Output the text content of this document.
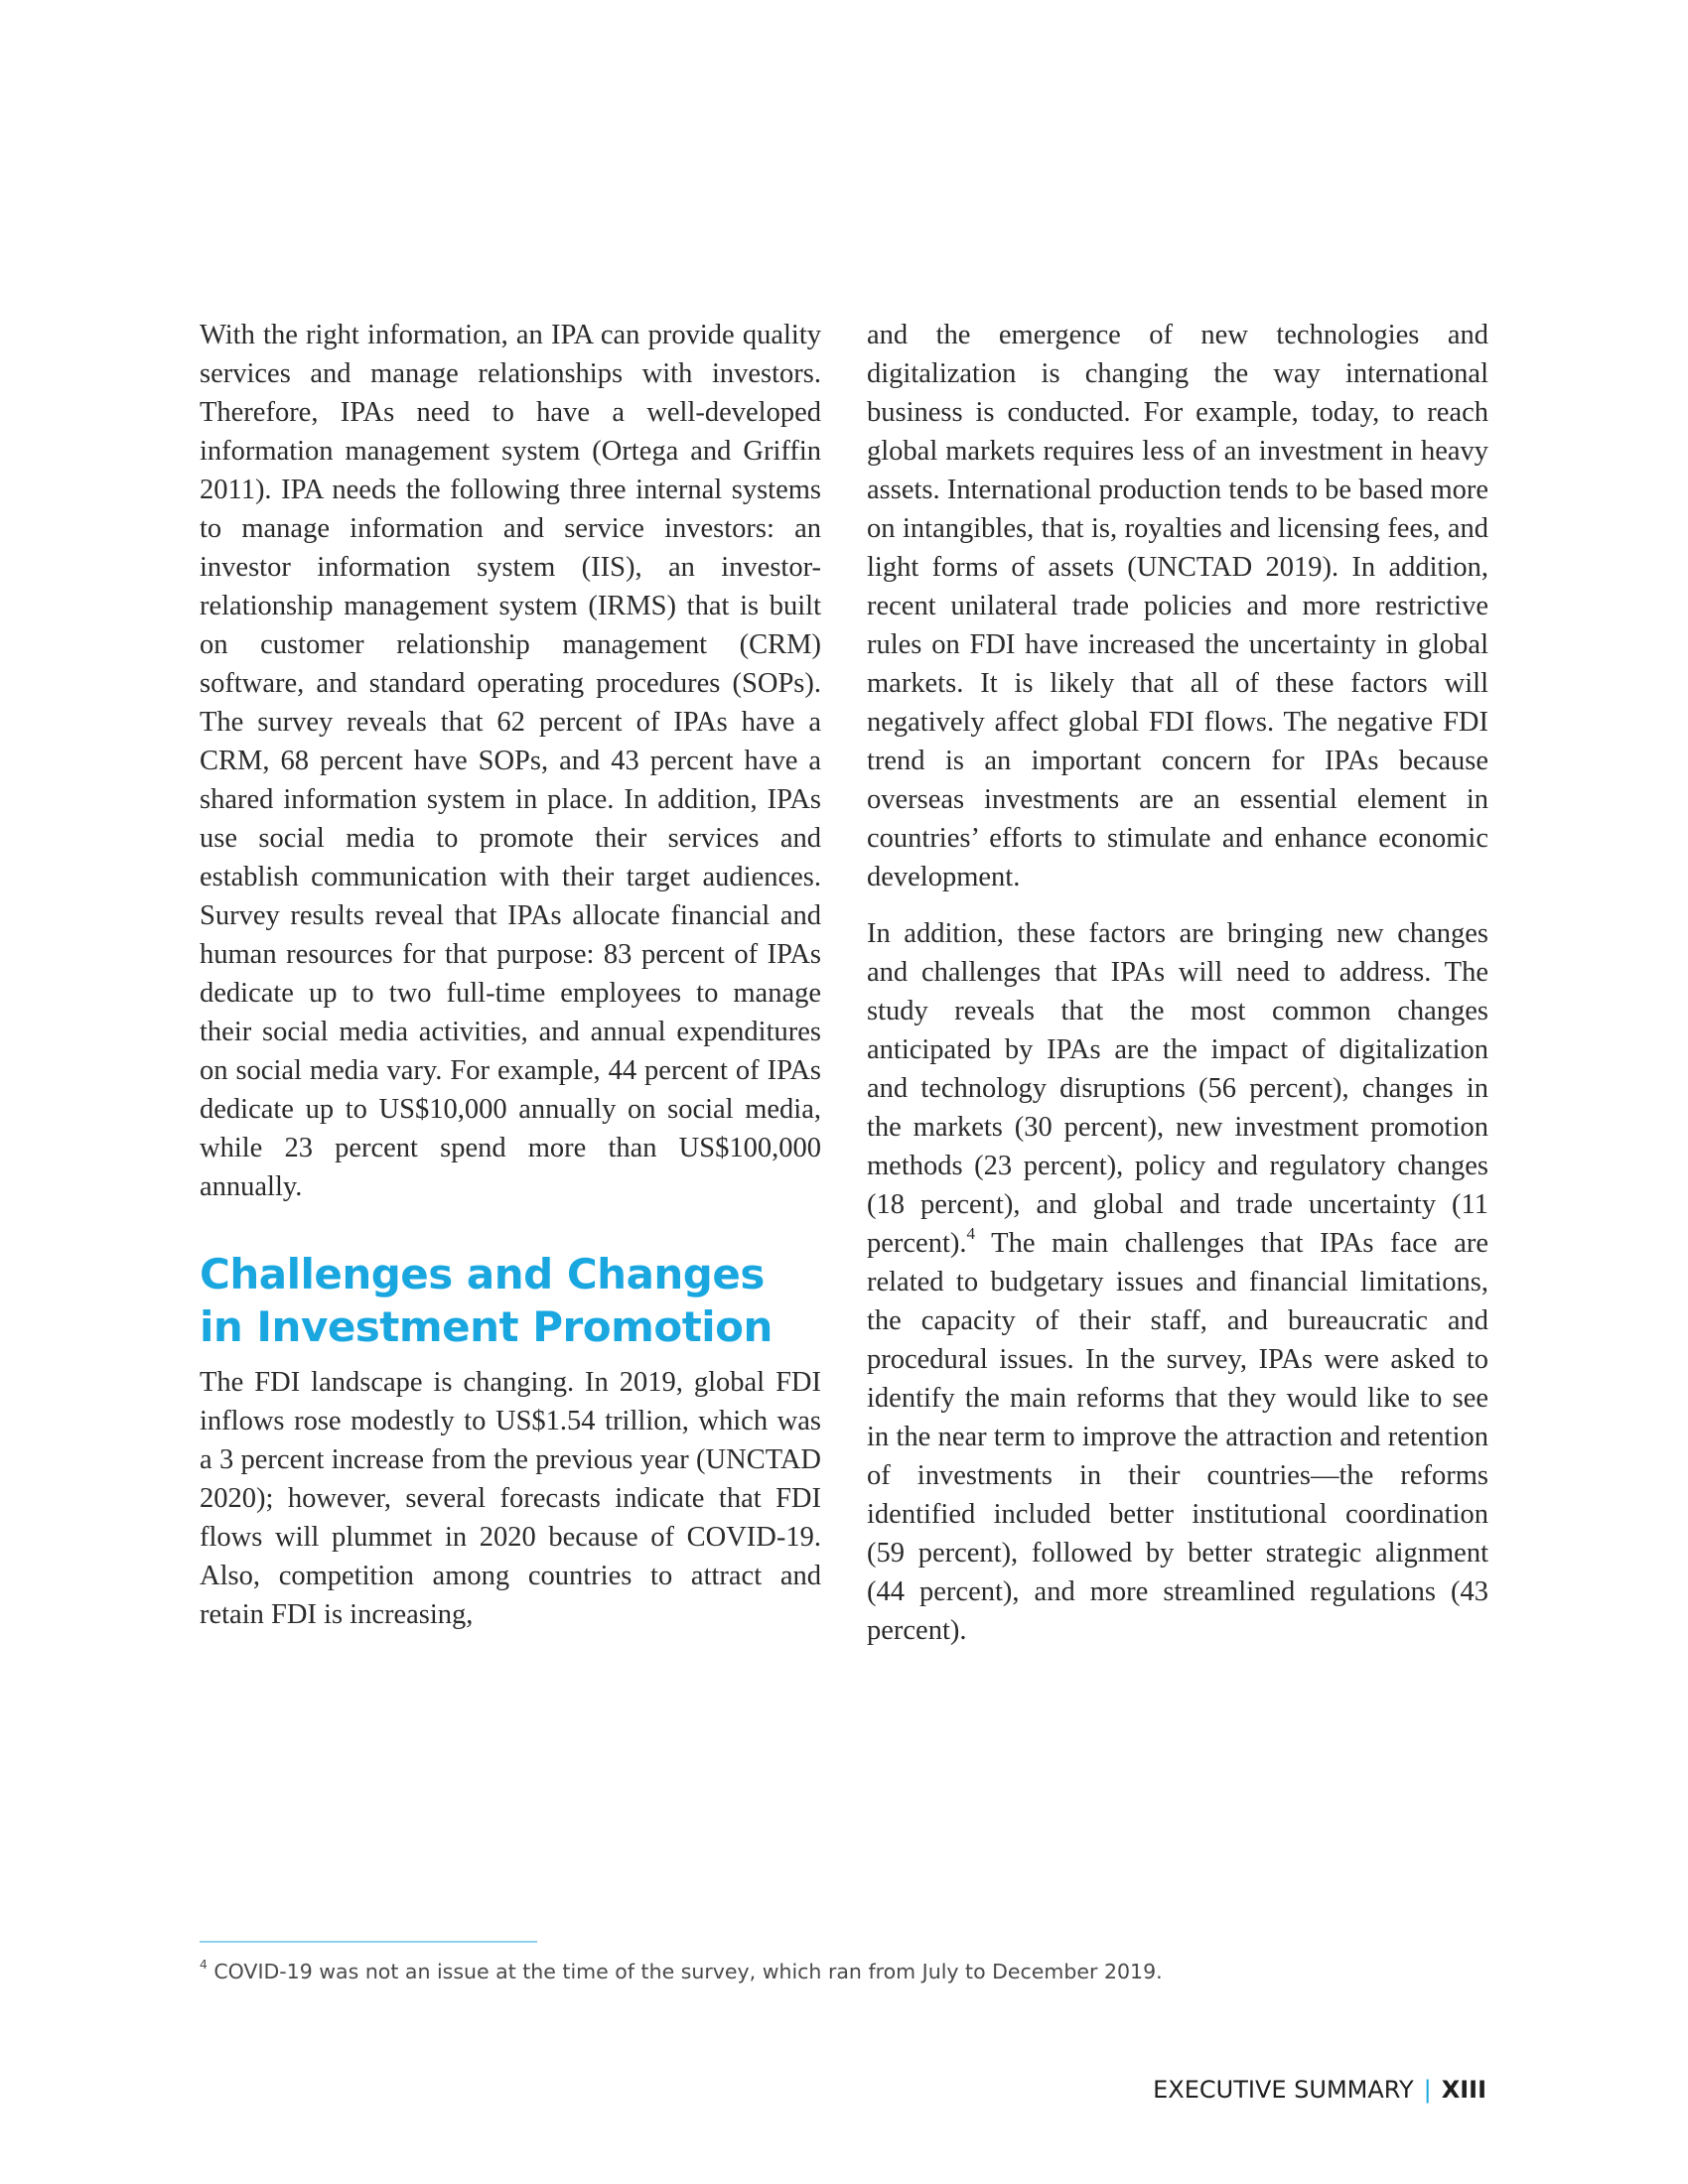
With the right information, an IPA can provide quality services and manage relationships with investors. Therefore, IPAs need to have a well-developed information management system (Ortega and Griffin 2011). IPA needs the following three internal systems to manage information and service investors: an investor information system (IIS), an investor-relationship management system (IRMS) that is built on customer relationship management (CRM) software, and standard operating procedures (SOPs). The survey reveals that 62 percent of IPAs have a CRM, 68 percent have SOPs, and 43 percent have a shared information system in place. In addition, IPAs use social media to promote their services and establish communication with their target audiences. Survey results reveal that IPAs allocate financial and human resources for that purpose: 83 percent of IPAs dedicate up to two full-time employees to manage their social media activities, and annual expenditures on social media vary. For example, 44 percent of IPAs dedicate up to US$10,000 annually on social media, while 23 percent spend more than US$100,000 annually.

Challenges and Changes in Investment Promotion

The FDI landscape is changing. In 2019, global FDI inflows rose modestly to US$1.54 trillion, which was a 3 percent increase from the previous year (UNCTAD 2020); however, several forecasts indicate that FDI flows will plummet in 2020 because of COVID-19. Also, competition among countries to attract and retain FDI is increasing,

and the emergence of new technologies and digitalization is changing the way international business is conducted. For example, today, to reach global markets requires less of an investment in heavy assets. International production tends to be based more on intangibles, that is, royalties and licensing fees, and light forms of assets (UNCTAD 2019). In addition, recent unilateral trade policies and more restrictive rules on FDI have increased the uncertainty in global markets. It is likely that all of these factors will negatively affect global FDI flows. The negative FDI trend is an important concern for IPAs because overseas investments are an essential element in countries’ efforts to stimulate and enhance economic development.

In addition, these factors are bringing new changes and challenges that IPAs will need to address. The study reveals that the most common changes anticipated by IPAs are the impact of digitalization and technology disruptions (56 percent), changes in the markets (30 percent), new investment promotion methods (23 percent), policy and regulatory changes (18 percent), and global and trade uncertainty (11 percent).$^4$ The main challenges that IPAs face are related to budgetary issues and financial limitations, the capacity of their staff, and bureaucratic and procedural issues. In the survey, IPAs were asked to identify the main reforms that they would like to see in the near term to improve the attraction and retention of investments in their countries—the reforms identified included better institutional coordination (59 percent), followed by better strategic alignment (44 percent), and more streamlined regulations (43 percent).

$^4$ COVID-19 was not an issue at the time of the survey, which ran from July to December 2019.
EXECUTIVE SUMMARY | XIII
